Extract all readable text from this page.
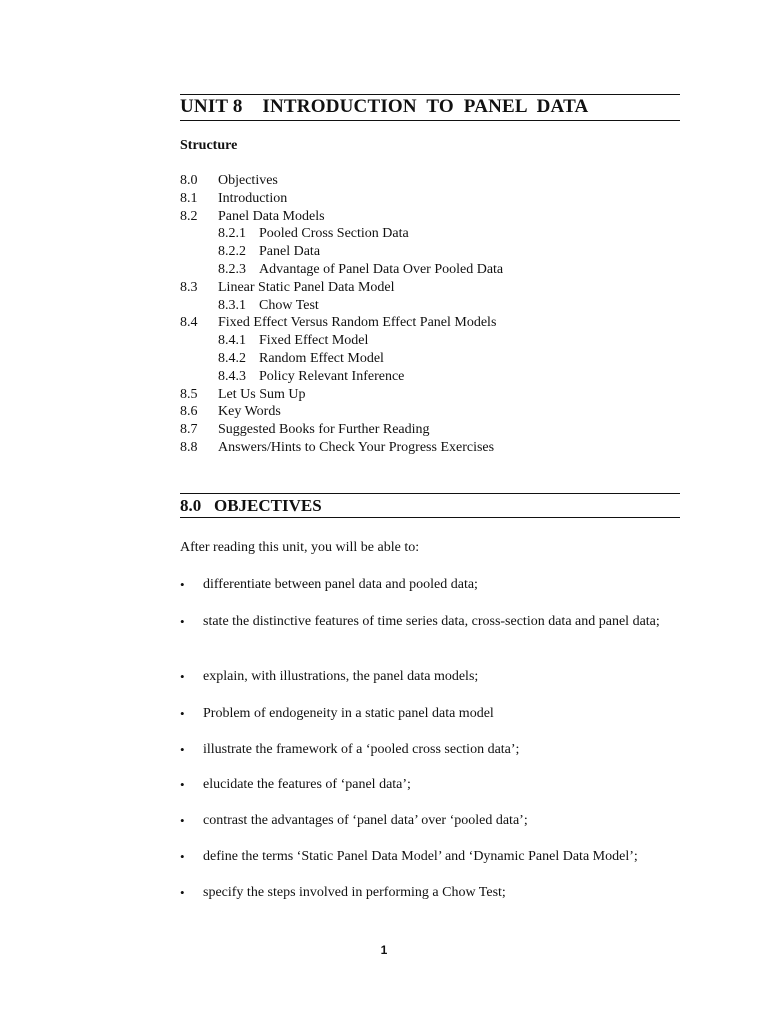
UNIT 8    INTRODUCTION  TO  PANEL  DATA
Structure
8.0 Objectives
8.1 Introduction
8.2 Panel Data Models
8.2.1 Pooled Cross Section Data
8.2.2 Panel Data
8.2.3 Advantage of Panel Data Over Pooled Data
8.3 Linear Static Panel Data Model
8.3.1 Chow Test
8.4 Fixed Effect Versus Random Effect Panel Models
8.4.1 Fixed Effect Model
8.4.2 Random Effect Model
8.4.3 Policy Relevant Inference
8.5 Let Us Sum Up
8.6 Key Words
8.7 Suggested Books for Further Reading
8.8 Answers/Hints to Check Your Progress Exercises
8.0   OBJECTIVES
After reading this unit, you will be able to:
• differentiate between panel data and pooled data;
• state the distinctive features of time series data, cross-section data and panel data;
• explain, with illustrations, the panel data models;
• Problem of endogeneity in a static panel data model
• illustrate the framework of a ‘pooled cross section data’;
• elucidate the features of ‘panel data’;
• contrast the advantages of ‘panel data’ over ‘pooled data’;
• define the terms ‘Static Panel Data Model’ and ‘Dynamic Panel Data Model’;
• specify the steps involved in performing a Chow Test;
1
